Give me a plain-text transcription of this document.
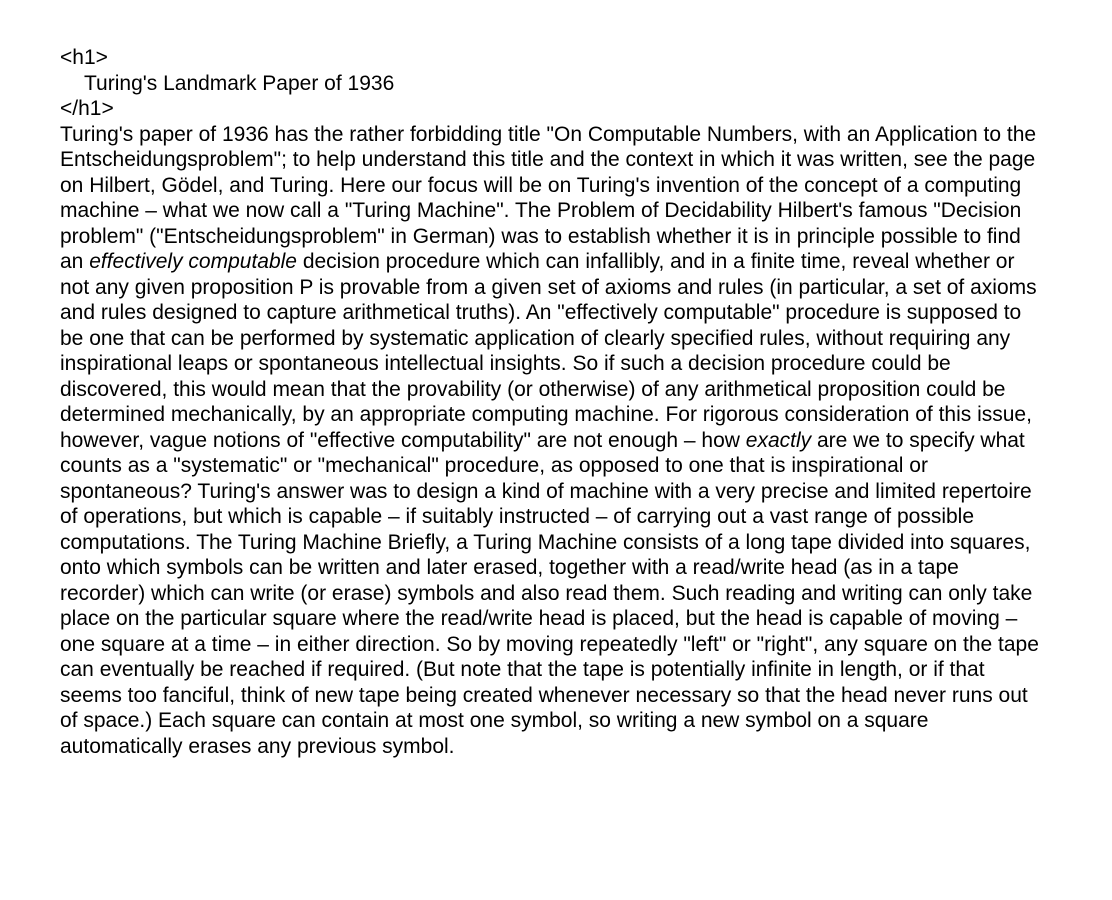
<h1>
Turing's Landmark Paper of 1936
</h1>
Turing's paper of 1936 has the rather forbidding title "On Computable Numbers, with an Application to the Entscheidungsproblem"; to help understand this title and the context in which it was written, see the page on Hilbert, Gödel, and Turing. Here our focus will be on Turing's invention of the concept of a computing machine – what we now call a "Turing Machine". The Problem of Decidability Hilbert's famous "Decision problem" ("Entscheidungsproblem" in German) was to establish whether it is in principle possible to find an effectively computable decision procedure which can infallibly, and in a finite time, reveal whether or not any given proposition P is provable from a given set of axioms and rules (in particular, a set of axioms and rules designed to capture arithmetical truths). An "effectively computable" procedure is supposed to be one that can be performed by systematic application of clearly specified rules, without requiring any inspirational leaps or spontaneous intellectual insights. So if such a decision procedure could be discovered, this would mean that the provability (or otherwise) of any arithmetical proposition could be determined mechanically, by an appropriate computing machine. For rigorous consideration of this issue, however, vague notions of "effective computability" are not enough – how exactly are we to specify what counts as a "systematic" or "mechanical" procedure, as opposed to one that is inspirational or spontaneous? Turing's answer was to design a kind of machine with a very precise and limited repertoire of operations, but which is capable – if suitably instructed – of carrying out a vast range of possible computations. The Turing Machine Briefly, a Turing Machine consists of a long tape divided into squares, onto which symbols can be written and later erased, together with a read/write head (as in a tape recorder) which can write (or erase) symbols and also read them. Such reading and writing can only take place on the particular square where the read/write head is placed, but the head is capable of moving – one square at a time – in either direction. So by moving repeatedly "left" or "right", any square on the tape can eventually be reached if required. (But note that the tape is potentially infinite in length, or if that seems too fanciful, think of new tape being created whenever necessary so that the head never runs out of space.) Each square can contain at most one symbol, so writing a new symbol on a square automatically erases any previous symbol.
